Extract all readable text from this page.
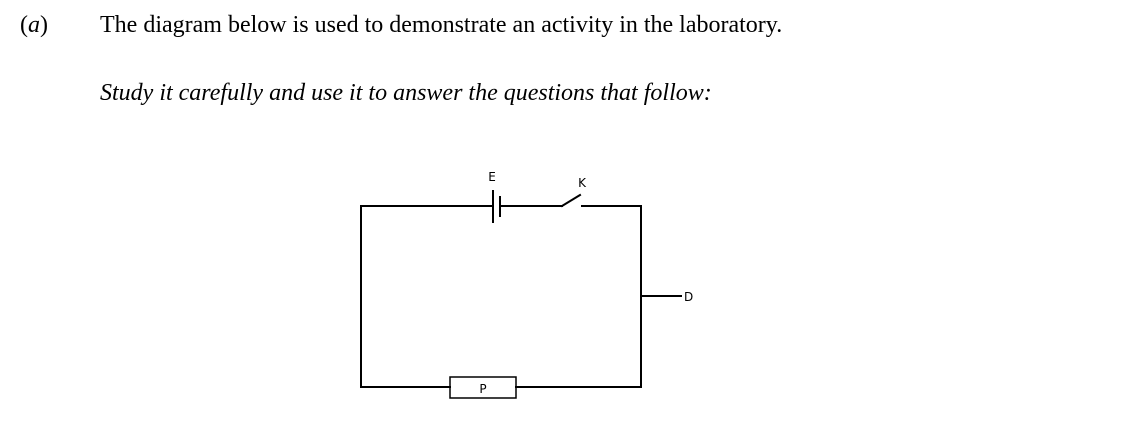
(a) The diagram below is used to demonstrate an activity in the laboratory.
Study it carefully and use it to answer the questions that follow:
E	K
D
P
